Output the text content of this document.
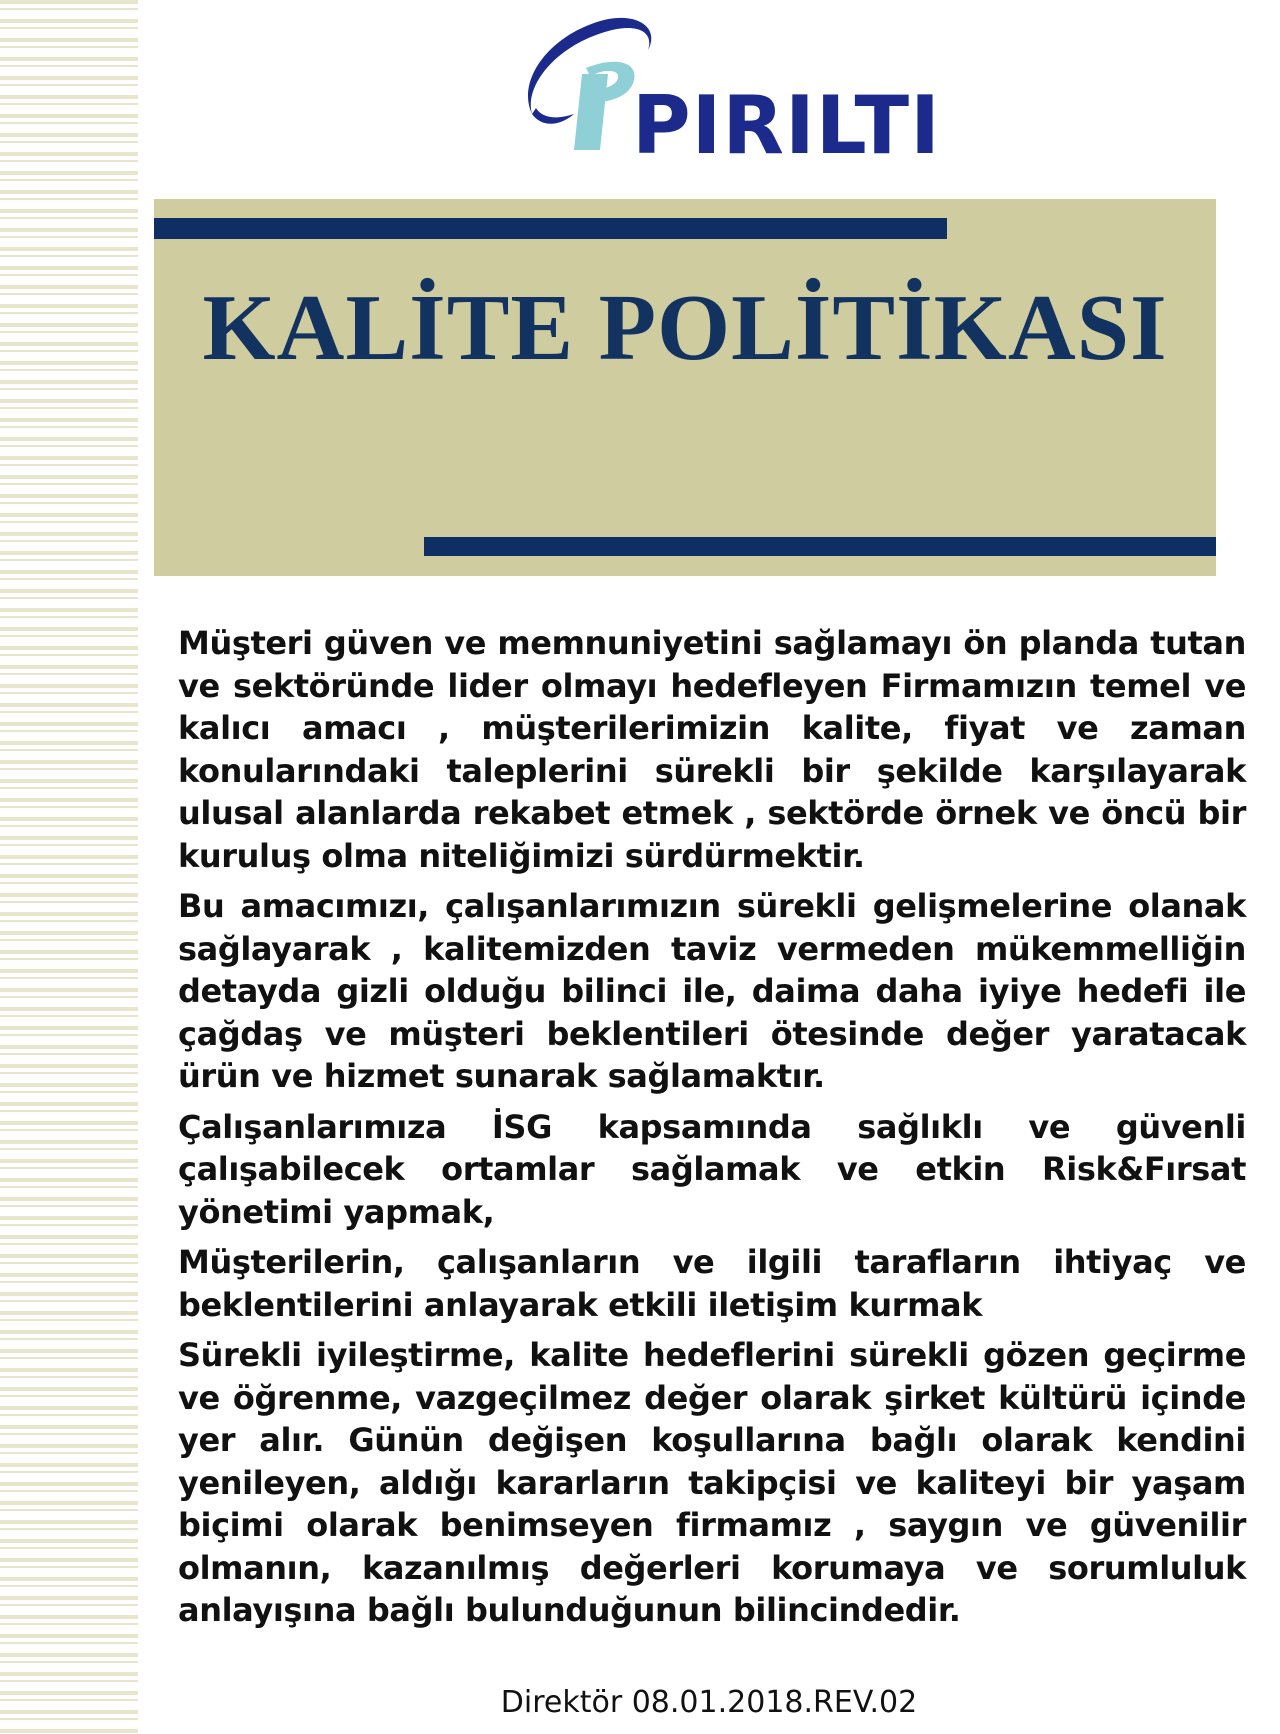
PIRILTI
KALİTE POLİTİKASI

Müşteri güven ve memnuniyetini sağlamayı ön planda tutan ve sektöründe lider olmayı hedefleyen Firmamızın temel ve kalıcı amacı , müşterilerimizin kalite, fiyat ve zaman konularındaki taleplerini sürekli bir şekilde karşılayarak ulusal alanlarda rekabet etmek , sektörde örnek ve öncü bir kuruluş olma niteliğimizi sürdürmektir.

Bu amacımızı, çalışanlarımızın sürekli gelişmelerine olanak sağlayarak , kalitemizden taviz vermeden mükemmelliğin detayda gizli olduğu bilinci ile, daima daha iyiye hedefi ile çağdaş ve müşteri beklentileri ötesinde değer yaratacak ürün ve hizmet sunarak sağlamaktır.

Çalışanlarımıza İSG kapsamında sağlıklı ve güvenli çalışabilecek ortamlar sağlamak ve etkin Risk&Fırsat yönetimi yapmak,

Müşterilerin, çalışanların ve ilgili tarafların ihtiyaç ve beklentilerini anlayarak etkili iletişim kurmak

Sürekli iyileştirme, kalite hedeflerini sürekli gözen geçirme ve öğrenme, vazgeçilmez değer olarak şirket kültürü içinde yer alır. Günün değişen koşullarına bağlı olarak kendini yenileyen, aldığı kararların takipçisi ve kaliteyi bir yaşam biçimi olarak benimseyen firmamız , saygın ve güvenilir olmanın, kazanılmış değerleri korumaya ve sorumluluk anlayışına bağlı bulunduğunun bilincindedir.

Direktör 08.01.2018.REV.02
